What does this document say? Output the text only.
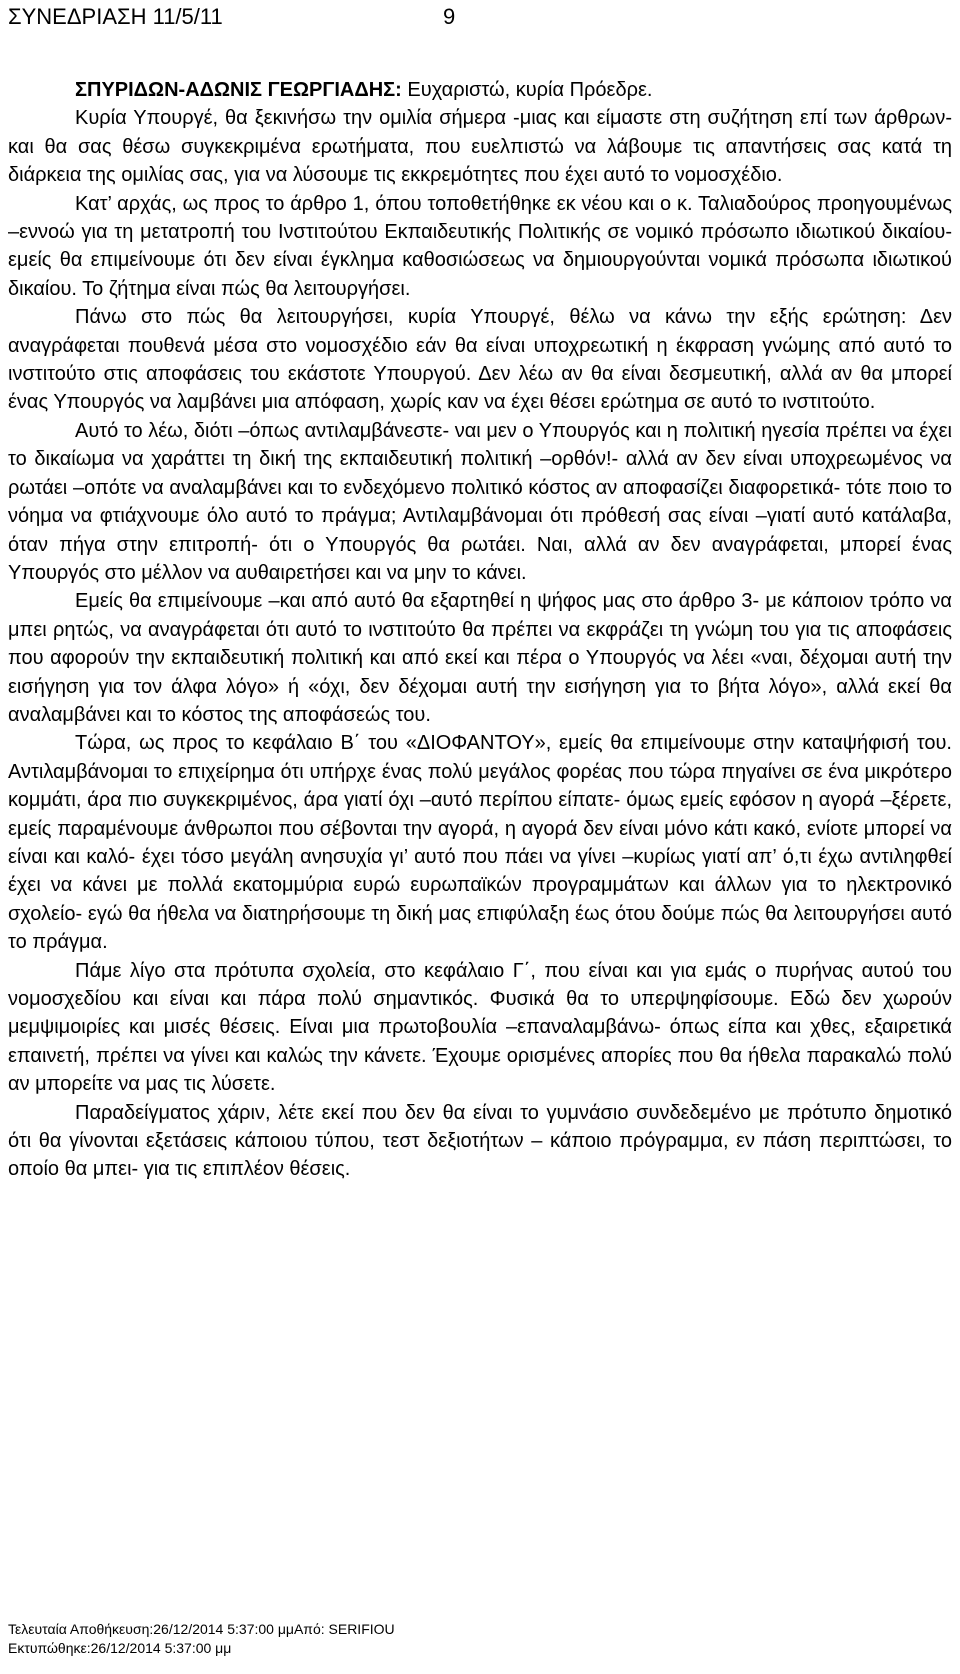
ΣΥΝΕΔΡΙΑΣΗ 11/5/11	9

ΣΠΥΡΙΔΩΝ-ΑΔΩΝΙΣ ΓΕΩΡΓΙΑΔΗΣ: Ευχαριστώ, κυρία Πρόεδρε.

Κυρία Υπουργέ, θα ξεκινήσω την ομιλία σήμερα -μιας και είμαστε στη συζήτηση επί των άρθρων- και θα σας θέσω συγκεκριμένα ερωτήματα, που ευελπιστώ να λάβουμε τις απαντήσεις σας κατά τη διάρκεια της ομιλίας σας, για να λύσουμε τις εκκρεμότητες που έχει αυτό το νομοσχέδιο.

Κατ’ αρχάς, ως προς το άρθρο 1, όπου τοποθετήθηκε εκ νέου και ο κ. Ταλιαδούρος προηγουμένως –εννοώ για τη μετατροπή του Ινστιτούτου Εκπαιδευτικής Πολιτικής σε νομικό πρόσωπο ιδιωτικού δικαίου- εμείς θα επιμείνουμε ότι δεν είναι έγκλημα καθοσιώσεως να δημιουργούνται νομικά πρόσωπα ιδιωτικού δικαίου. Το ζήτημα είναι πώς θα λειτουργήσει.

Πάνω στο πώς θα λειτουργήσει, κυρία Υπουργέ, θέλω να κάνω την εξής ερώτηση: Δεν αναγράφεται πουθενά μέσα στο νομοσχέδιο εάν θα είναι υποχρεωτική η έκφραση γνώμης από αυτό το ινστιτούτο στις αποφάσεις του εκάστοτε Υπουργού. Δεν λέω αν θα είναι δεσμευτική, αλλά αν θα μπορεί ένας Υπουργός να λαμβάνει μια απόφαση, χωρίς καν να έχει θέσει ερώτημα σε αυτό το ινστιτούτο.

Αυτό το λέω, διότι –όπως αντιλαμβάνεστε- ναι μεν ο Υπουργός και η πολιτική ηγεσία πρέπει να έχει το δικαίωμα να χαράττει τη δική της εκπαιδευτική πολιτική –ορθόν!- αλλά αν δεν είναι υποχρεωμένος να ρωτάει –οπότε να αναλαμβάνει και το ενδεχόμενο πολιτικό κόστος αν αποφασίζει διαφορετικά- τότε ποιο το νόημα να φτιάχνουμε όλο αυτό το πράγμα; Αντιλαμβάνομαι ότι πρόθεσή σας είναι –γιατί αυτό κατάλαβα, όταν πήγα στην επιτροπή- ότι ο Υπουργός θα ρωτάει. Ναι, αλλά αν δεν αναγράφεται, μπορεί ένας Υπουργός στο μέλλον να αυθαιρετήσει και να μην το κάνει.

Εμείς θα επιμείνουμε –και από αυτό θα εξαρτηθεί η ψήφος μας στο άρθρο 3- με κάποιον τρόπο να μπει ρητώς, να αναγράφεται ότι αυτό το ινστιτούτο θα πρέπει να εκφράζει τη γνώμη του για τις αποφάσεις που αφορούν την εκπαιδευτική πολιτική και από εκεί και πέρα ο Υπουργός να λέει «ναι, δέχομαι αυτή την εισήγηση για τον άλφα λόγο» ή «όχι, δεν δέχομαι αυτή την εισήγηση για το βήτα λόγο», αλλά εκεί θα αναλαμβάνει και το κόστος της αποφάσεώς του.

Τώρα, ως προς το κεφάλαιο Β΄ του «ΔΙΟΦΑΝΤΟΥ», εμείς θα επιμείνουμε στην καταψήφισή του. Αντιλαμβάνομαι το επιχείρημα ότι υπήρχε ένας πολύ μεγάλος φορέας που τώρα πηγαίνει σε ένα μικρότερο κομμάτι, άρα πιο συγκεκριμένος, άρα γιατί όχι –αυτό περίπου είπατε- όμως εμείς εφόσον η αγορά –ξέρετε, εμείς παραμένουμε άνθρωποι που σέβονται την αγορά, η αγορά δεν είναι μόνο κάτι κακό, ενίοτε μπορεί να είναι και καλό- έχει τόσο μεγάλη ανησυχία γι’ αυτό που πάει να γίνει –κυρίως γιατί απ’ ό,τι έχω αντιληφθεί έχει να κάνει με πολλά εκατομμύρια ευρώ ευρωπαϊκών προγραμμάτων και άλλων για το ηλεκτρονικό σχολείο- εγώ θα ήθελα να διατηρήσουμε τη δική μας επιφύλαξη έως ότου δούμε πώς θα λειτουργήσει αυτό το πράγμα.

Πάμε λίγο στα πρότυπα σχολεία, στο κεφάλαιο Γ΄, που είναι και για εμάς ο πυρήνας αυτού του νομοσχεδίου και είναι και πάρα πολύ σημαντικός. Φυσικά θα το υπερψηφίσουμε. Εδώ δεν χωρούν μεμψιμοιρίες και μισές θέσεις. Είναι μια πρωτοβουλία –επαναλαμβάνω- όπως είπα και χθες, εξαιρετικά επαινετή, πρέπει να γίνει και καλώς την κάνετε. Έχουμε ορισμένες απορίες που θα ήθελα παρακαλώ πολύ αν μπορείτε να μας τις λύσετε.

Παραδείγματος χάριν, λέτε εκεί που δεν θα είναι το γυμνάσιο συνδεδεμένο με πρότυπο δημοτικό ότι θα γίνονται εξετάσεις κάποιου τύπου, τεστ δεξιοτήτων – κάποιο πρόγραμμα, εν πάση περιπτώσει, το οποίο θα μπει- για τις επιπλέον θέσεις.

Τελευταία Αποθήκευση:26/12/2014 5:37:00 μμΑπό: SERIFIOU
Εκτυπώθηκε:26/12/2014 5:37:00 μμ
